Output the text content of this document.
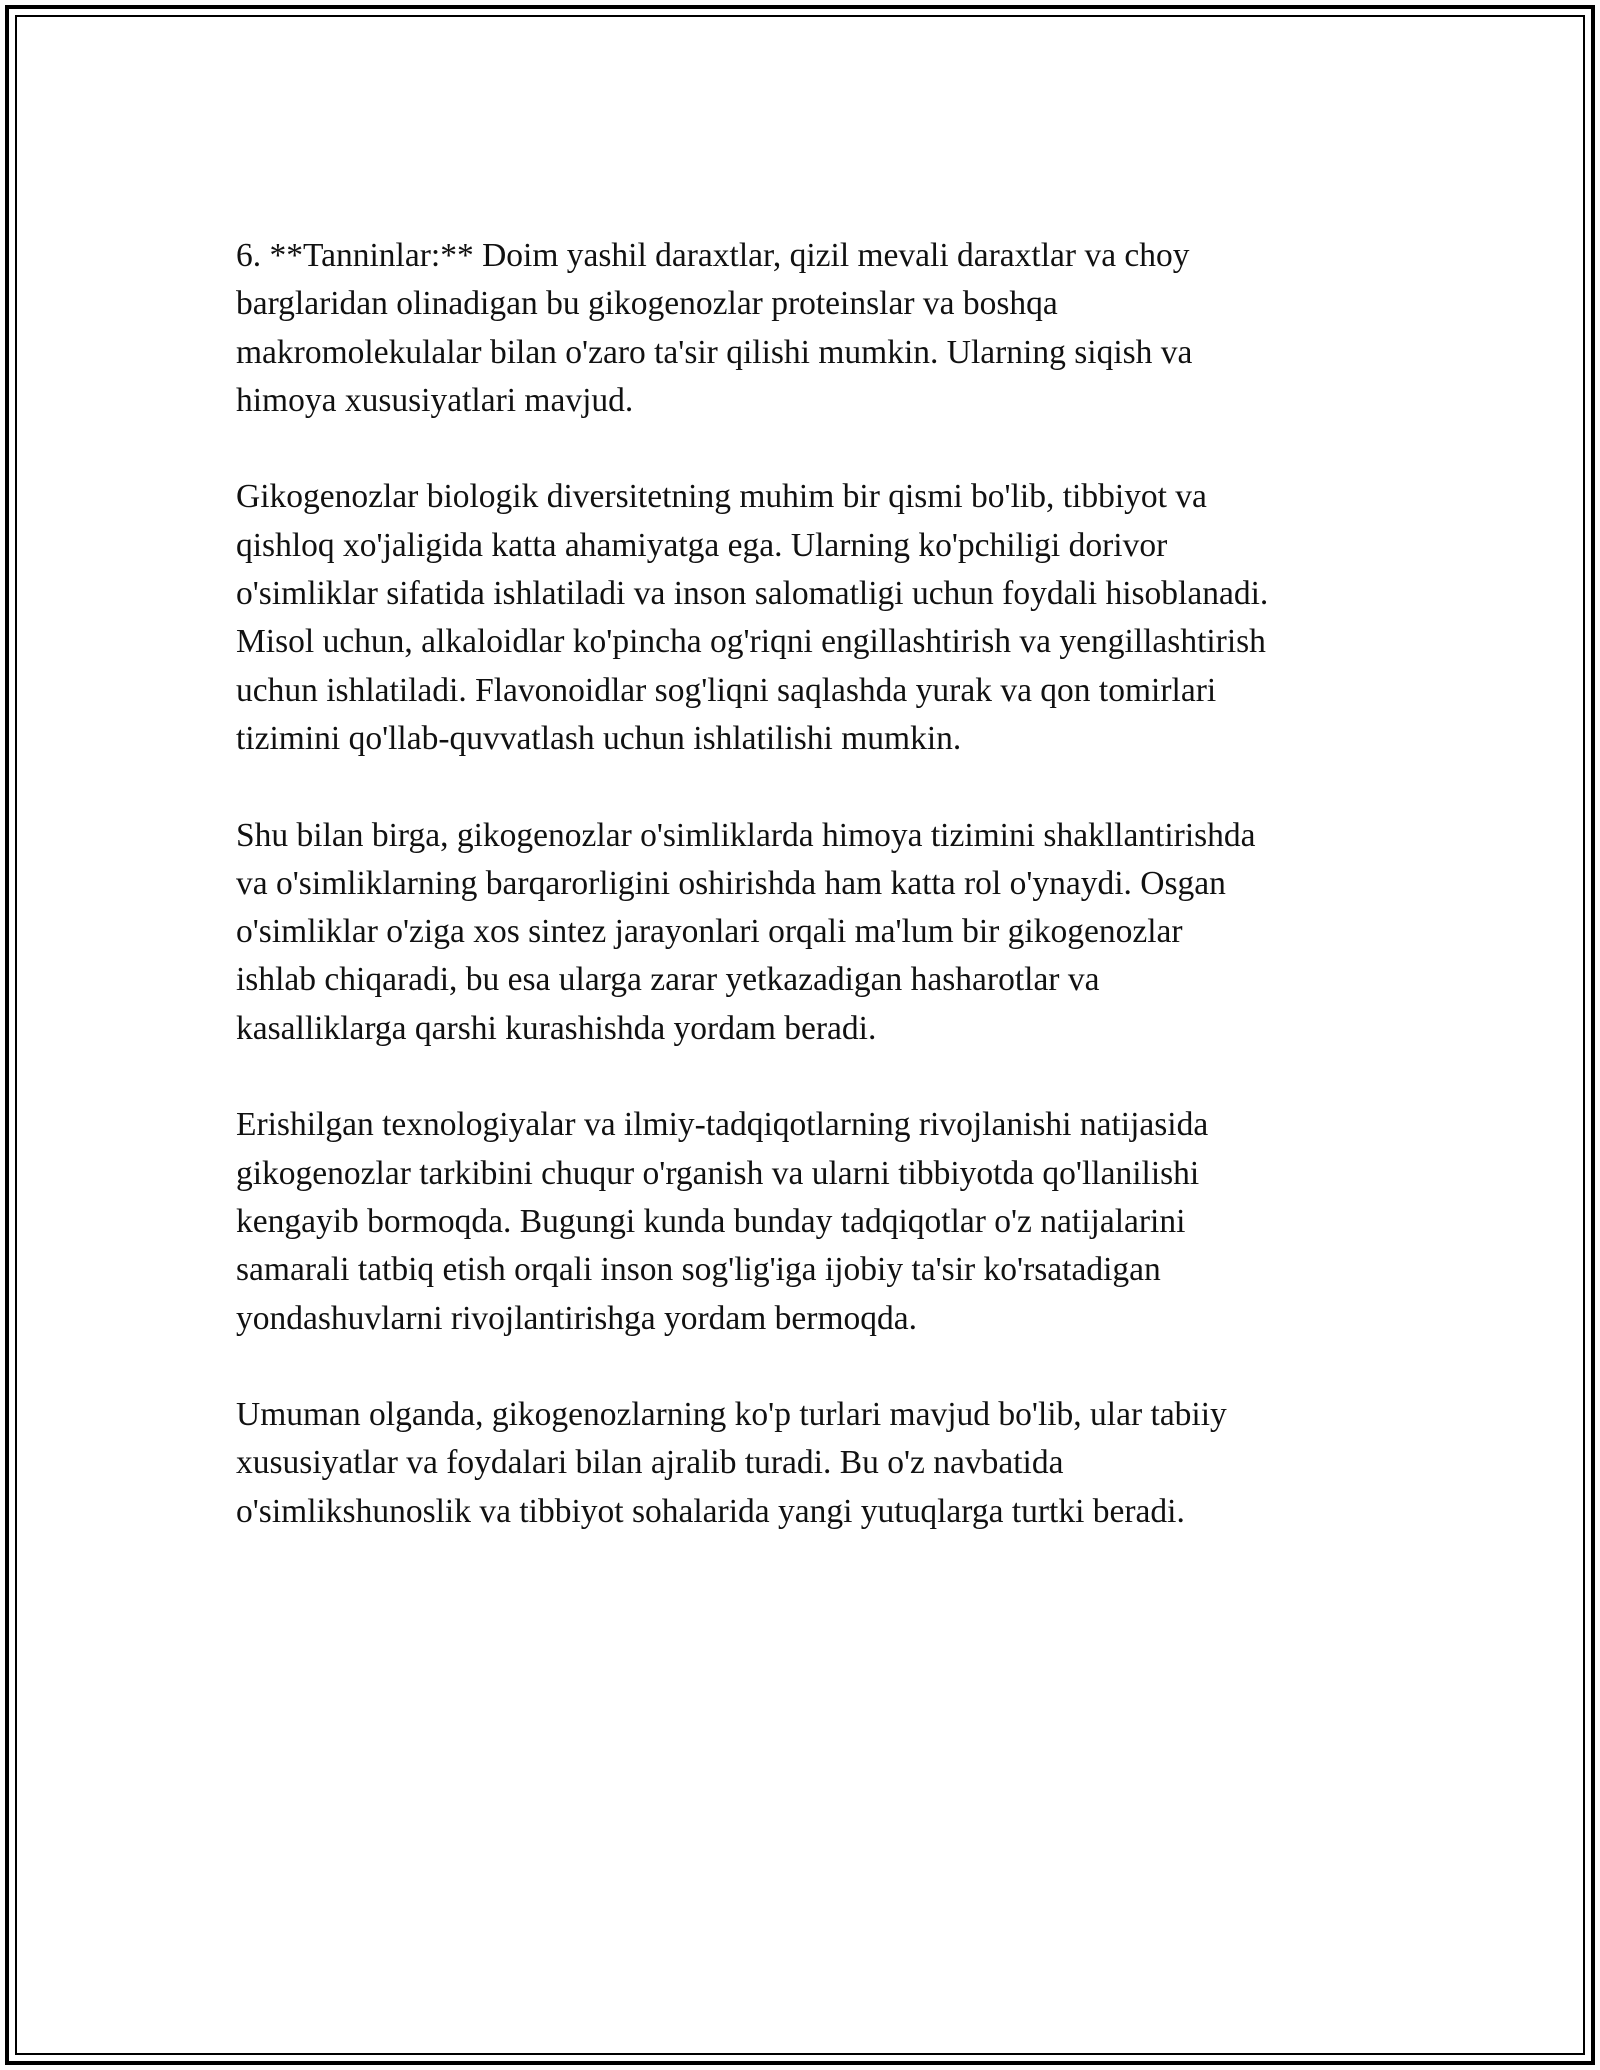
6. **Tanninlar:** Doim yashil daraxtlar, qizil mevali daraxtlar va choy
barglaridan olinadigan bu gikogenozlar proteinslar va boshqa
makromolekulalar bilan o'zaro ta'sir qilishi mumkin. Ularning siqish va
himoya xususiyatlari mavjud.

Gikogenozlar biologik diversitetning muhim bir qismi bo'lib, tibbiyot va
qishloq xo'jaligida katta ahamiyatga ega. Ularning ko'pchiligi dorivor
o'simliklar sifatida ishlatiladi va inson salomatligi uchun foydali hisoblanadi.
Misol uchun, alkaloidlar ko'pincha og'riqni engillashtirish va yengillashtirish
uchun ishlatiladi. Flavonoidlar sog'liqni saqlashda yurak va qon tomirlari
tizimini qo'llab-quvvatlash uchun ishlatilishi mumkin.

Shu bilan birga, gikogenozlar o'simliklarda himoya tizimini shakllantirishda
va o'simliklarning barqarorligini oshirishda ham katta rol o'ynaydi. Osgan
o'simliklar o'ziga xos sintez jarayonlari orqali ma'lum bir gikogenozlar
ishlab chiqaradi, bu esa ularga zarar yetkazadigan hasharotlar va
kasalliklarga qarshi kurashishda yordam beradi.

Erishilgan texnologiyalar va ilmiy-tadqiqotlarning rivojlanishi natijasida
gikogenozlar tarkibini chuqur o'rganish va ularni tibbiyotda qo'llanilishi
kengayib bormoqda. Bugungi kunda bunday tadqiqotlar o'z natijalarini
samarali tatbiq etish orqali inson sog'lig'iga ijobiy ta'sir ko'rsatadigan
yondashuvlarni rivojlantirishga yordam bermoqda.

Umuman olganda, gikogenozlarning ko'p turlari mavjud bo'lib, ular tabiiy
xususiyatlar va foydalari bilan ajralib turadi. Bu o'z navbatida
o'simlikshunoslik va tibbiyot sohalarida yangi yutuqlarga turtki beradi.
